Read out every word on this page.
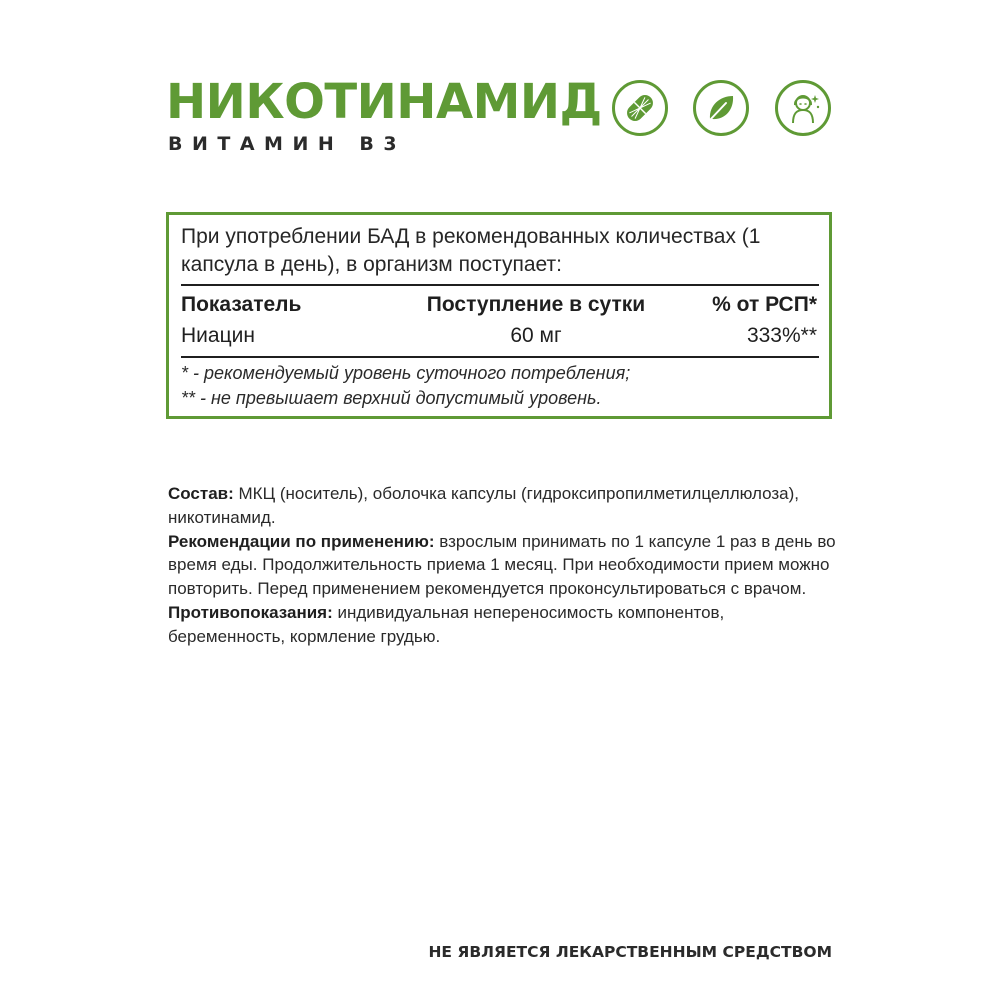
НИКОТИНАМИД
ВИТАМИН В3
При употреблении БАД в рекомендованных количествах (1 капсула в день), в организм поступает:
Показатель	Поступление в сутки	% от РСП*
Ниацин	60 мг	333%**
* - рекомендуемый уровень суточного потребления;
** - не превышает верхний допустимый уровень.

Состав: МКЦ (носитель), оболочка капсулы (гидроксипропилметилцеллюлоза), никотинамид.

Рекомендации по применению: взрослым принимать по 1 капсуле 1 раз в день во время еды. Продолжительность приема 1 месяц. При необходимости прием можно повторить. Перед применением рекомендуется проконсультироваться с врачом.

Противопоказания: индивидуальная непереносимость компонентов, беременность, кормление грудью.

НЕ ЯВЛЯЕТСЯ ЛЕКАРСТВЕННЫМ СРЕДСТВОМ
